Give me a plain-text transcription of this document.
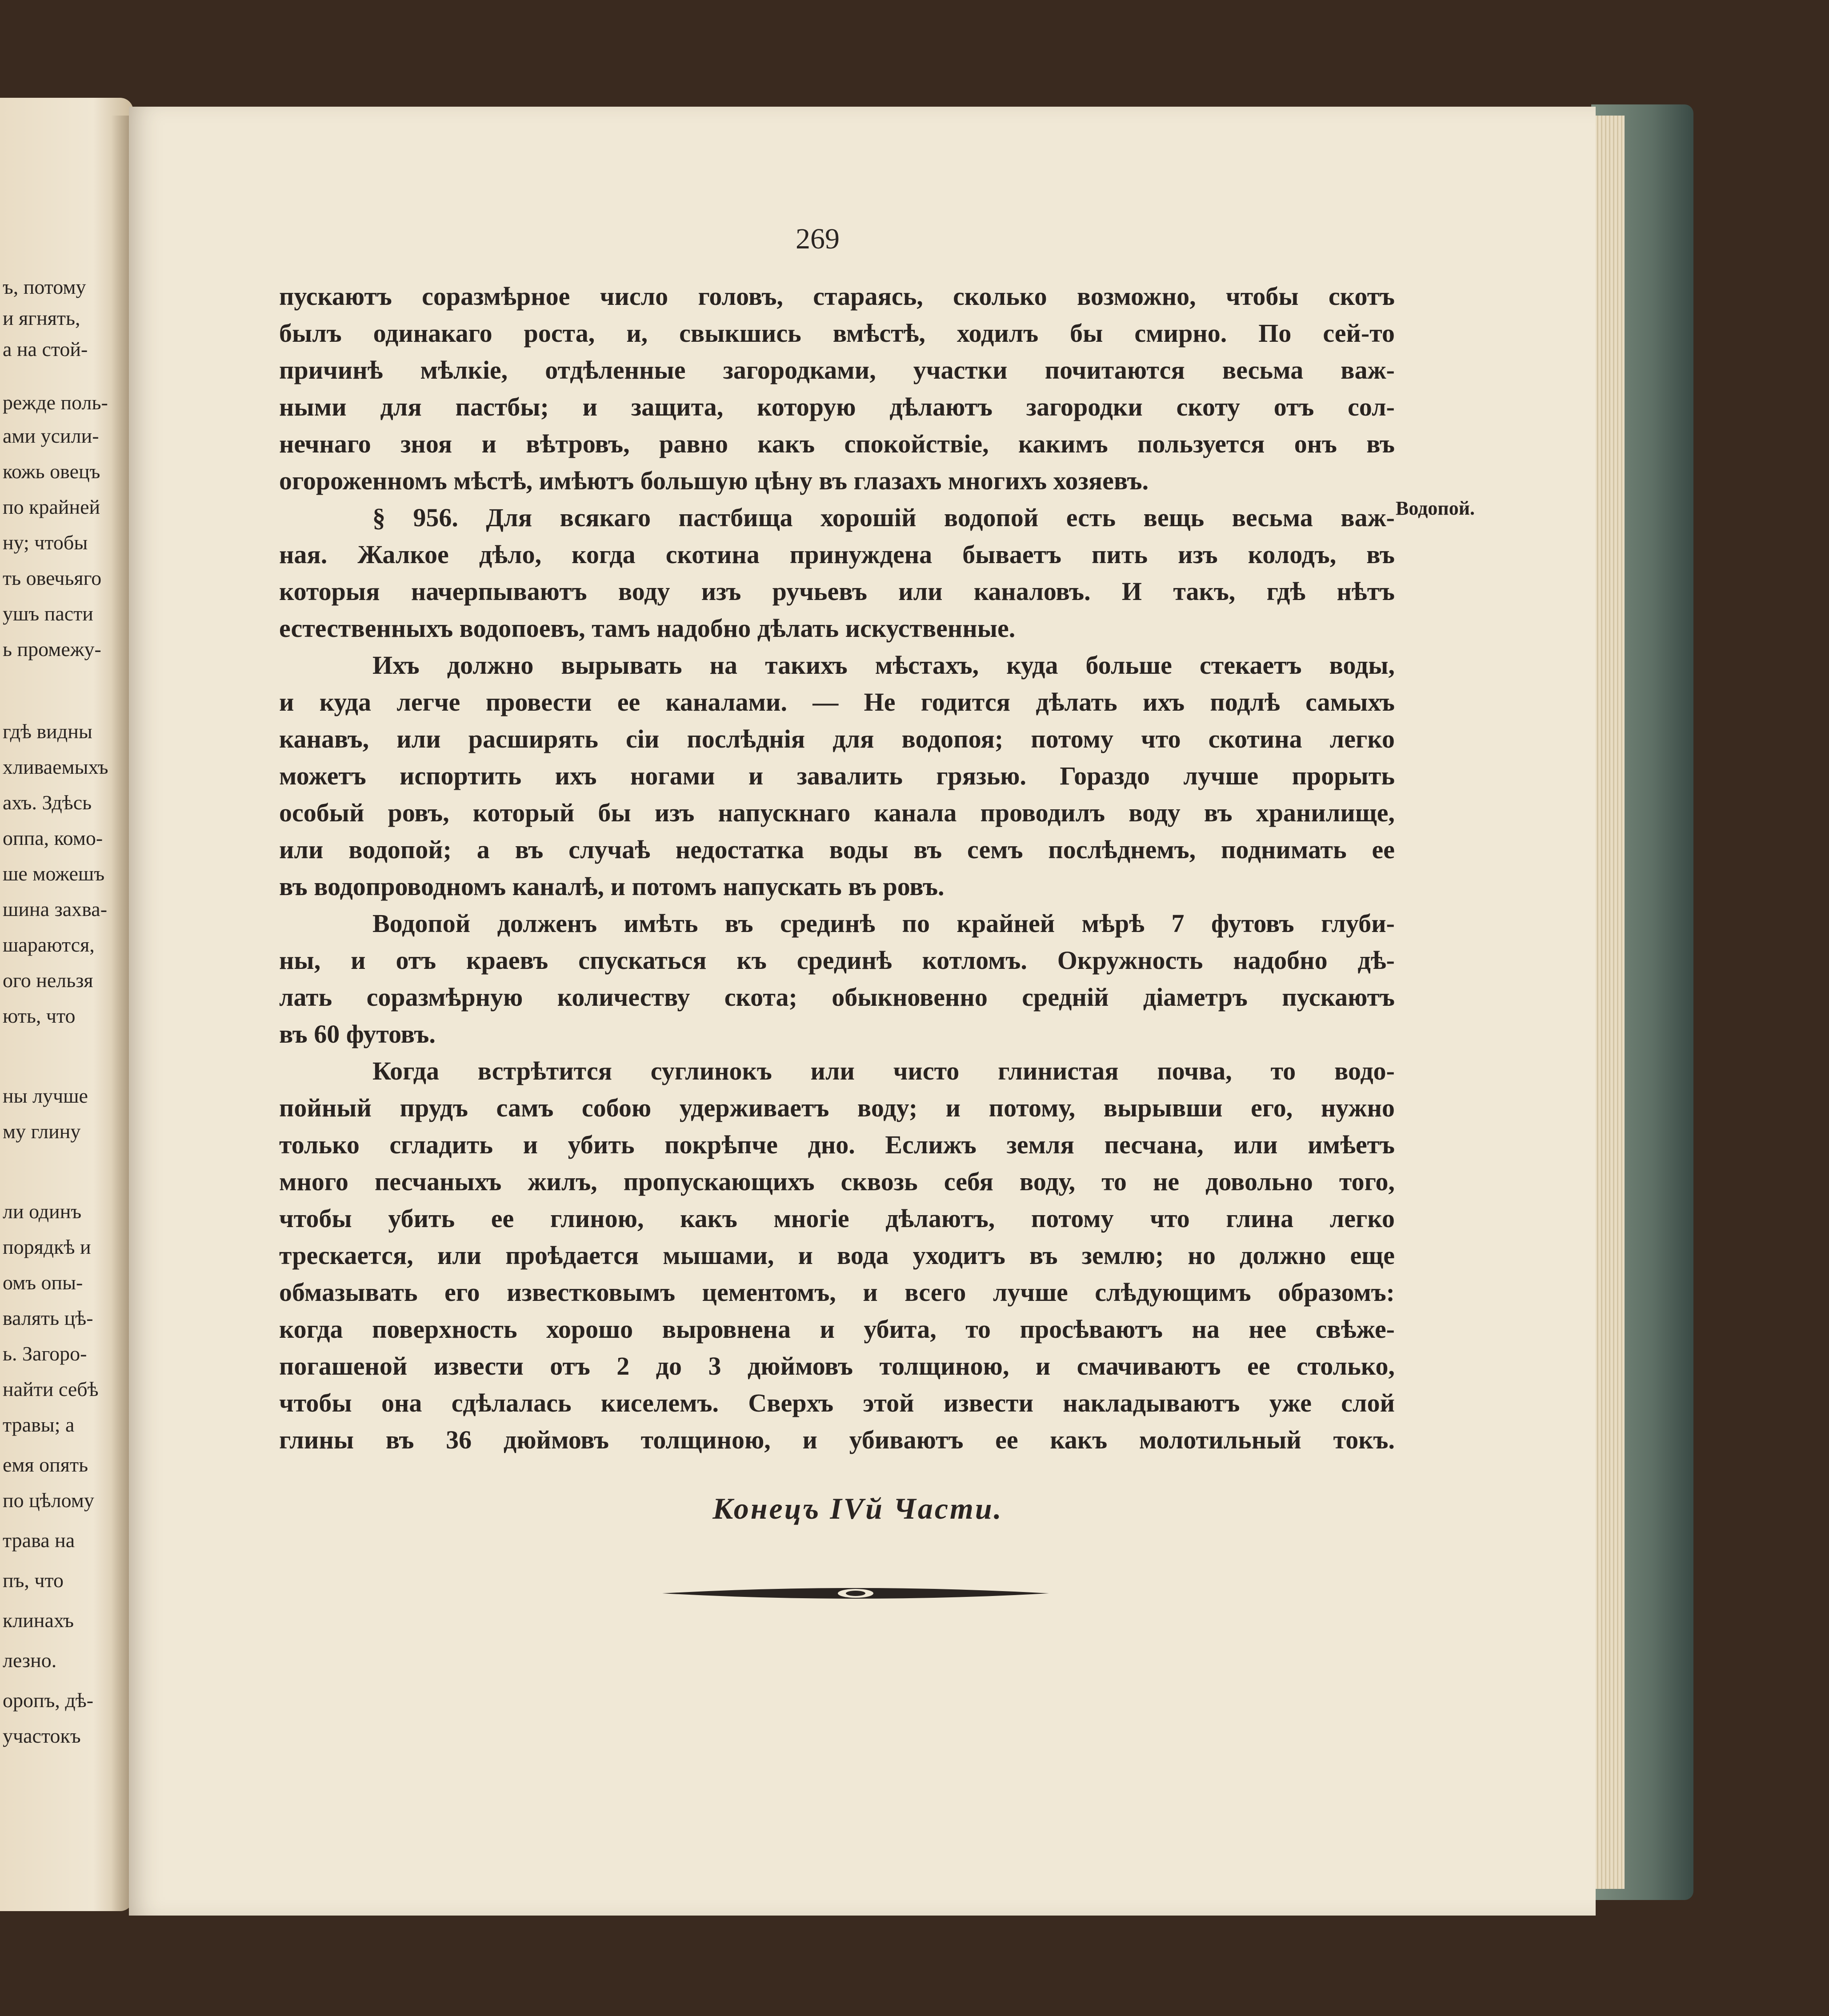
ъ, потому
и ягнять,
а на стой-
режде поль-
ами усили-
кожь овецъ
по крайней
ну; чтобы
ть овечьяго
ушъ пасти
ь промежу-
гдѣ видны
хливаемыхъ
ахъ. Здѣсь
оппа, комо-
ше можешъ
шина захва-
шараются,
ого нельзя
ють, что
ны лучше
му глину
ли одинъ
порядкѣ и
омъ опы-
валять цѣ-
ь. Загоро-
найти себѣ
травы; а
емя опять
по цѣлому
трава на
пъ, что
клинахъ
лезно.
оропъ, дѣ-
участокъ
269
Водопой.
пускаютъ соразмѣрное число головъ, стараясь, сколько возможно, чтобы скотъ
былъ одинакаго роста, и, свыкшись вмѣстѣ, ходилъ бы смирно. По сей-то
причинѣ мѣлкіе, отдѣленные загородками, участки почитаются весьма важ-
ными для пастбы; и защита, которую дѣлаютъ загородки скоту отъ сол-
нечнаго зноя и вѣтровъ, равно какъ спокойствіе, какимъ пользуется онъ въ
огороженномъ мѣстѣ, имѣютъ большую цѣну въ глазахъ многихъ хозяевъ.
§ 956. Для всякаго пастбища хорошій водопой есть вещь весьма важ-
ная. Жалкое дѣло, когда скотина принуждена бываетъ пить изъ колодъ, въ
которыя начерпываютъ воду изъ ручьевъ или каналовъ. И такъ, гдѣ нѣтъ
естественныхъ водопоевъ, тамъ надобно дѣлать искуственные.
Ихъ должно вырывать на такихъ мѣстахъ, куда больше стекаетъ воды,
и куда легче провести ее каналами. — Не годится дѣлать ихъ подлѣ самыхъ
канавъ, или расширять сіи послѣднія для водопоя; потому что скотина легко
можетъ испортить ихъ ногами и завалить грязью. Гораздо лучше прорыть
особый ровъ, который бы изъ напускнаго канала проводилъ воду въ хранилище,
или водопой; а въ случаѣ недостатка воды въ семъ послѣднемъ, поднимать ее
въ водопроводномъ каналѣ, и потомъ напускать въ ровъ.
Водопой долженъ имѣть въ срединѣ по крайней мѣрѣ 7 футовъ глуби-
ны, и отъ краевъ спускаться къ срединѣ котломъ. Окружность надобно дѣ-
лать соразмѣрную количеству скота; обыкновенно среднiй дiаметръ пускаютъ
въ 60 футовъ.
Когда встрѣтится суглинокъ или чисто глинистая почва, то водо-
пойный прудъ самъ собою удерживаетъ воду; и потому, вырывши его, нужно
только сгладить и убить покрѣпче дно. Еслижъ земля песчана, или имѣетъ
много песчаныхъ жилъ, пропускающихъ сквозь себя воду, то не довольно того,
чтобы убить ее глиною, какъ многіе дѣлаютъ, потому что глина легко
трескается, или проѣдается мышами, и вода уходитъ въ землю; но должно еще
обмазывать его известковымъ цементомъ, и всего лучше слѣдующимъ образомъ:
когда поверхность хорошо выровнена и убита, то просѣваютъ на нее свѣже-
погашеной извести отъ 2 до 3 дюймовъ толщиною, и смачиваютъ ее столько,
чтобы она сдѣлалась киселемъ. Сверхъ этой извести накладываютъ уже слой
глины въ 36 дюймовъ толщиною, и убиваютъ ее какъ молотильный токъ.
Конецъ IVй Части.
